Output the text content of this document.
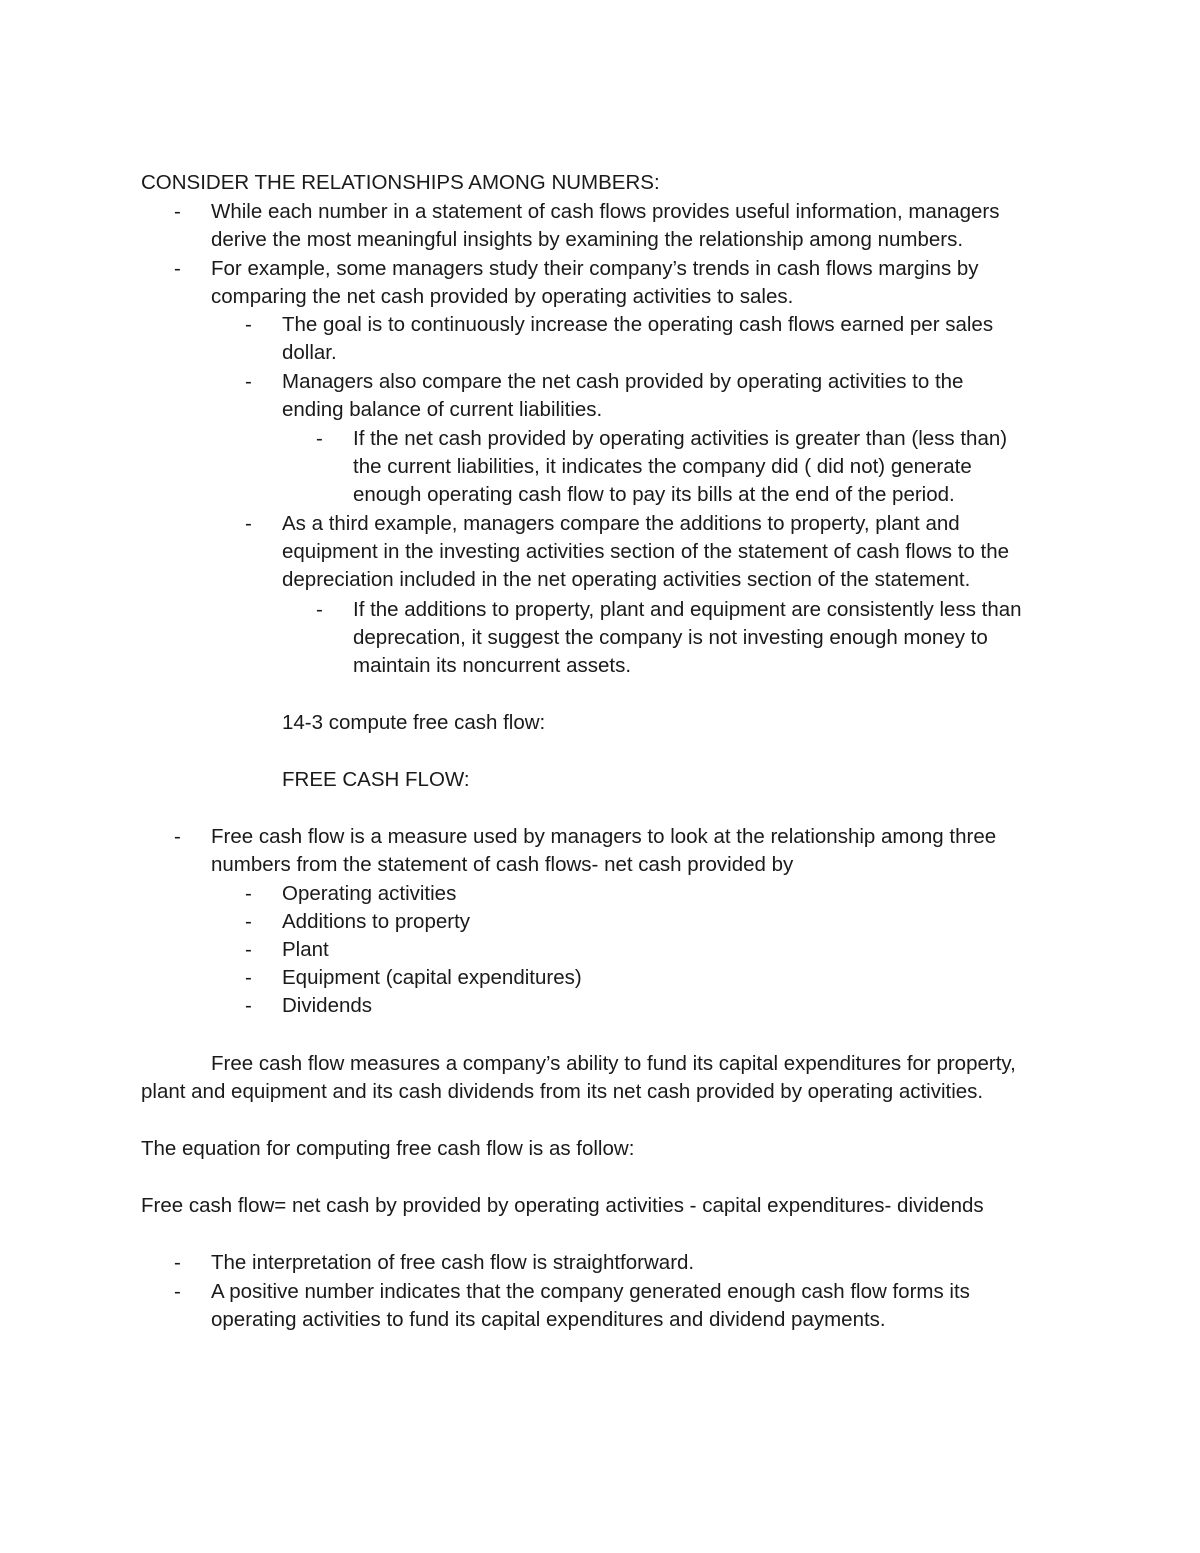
CONSIDER THE RELATIONSHIPS AMONG NUMBERS:
- While each number in a statement of cash flows provides useful information, managers
derive the most meaningful insights by examining the relationship among numbers.
- For example, some managers study their company’s trends in cash flows margins by
comparing the net cash provided by operating activities to sales.
- The goal is to continuously increase the operating cash flows earned per sales
dollar.
- Managers also compare the net cash provided by operating activities to the
ending balance of current liabilities.
- If the net cash provided by operating activities is greater than (less than)
the current liabilities, it indicates the company did ( did not) generate
enough operating cash flow to pay its bills at the end of the period.
- As a third example, managers compare the additions to property, plant and
equipment in the investing activities section of the statement of cash flows to the
depreciation included in the net operating activities section of the statement.
- If the additions to property, plant and equipment are consistently less than
deprecation, it suggest the company is not investing enough money to
maintain its noncurrent assets.
14-3 compute free cash flow:
FREE CASH FLOW:
- Free cash flow is a measure used by managers to look at the relationship among three
numbers from the statement of cash flows- net cash provided by
- Operating activities
- Additions to property
- Plant
- Equipment (capital expenditures)
- Dividends
Free cash flow measures a company’s ability to fund its capital expenditures for property,
plant and equipment and its cash dividends from its net cash provided by operating activities.
The equation for computing free cash flow is as follow:
Free cash flow= net cash by provided by operating activities - capital expenditures- dividends
- The interpretation of free cash flow is straightforward.
- A positive number indicates that the company generated enough cash flow forms its
operating activities to fund its capital expenditures and dividend payments.
